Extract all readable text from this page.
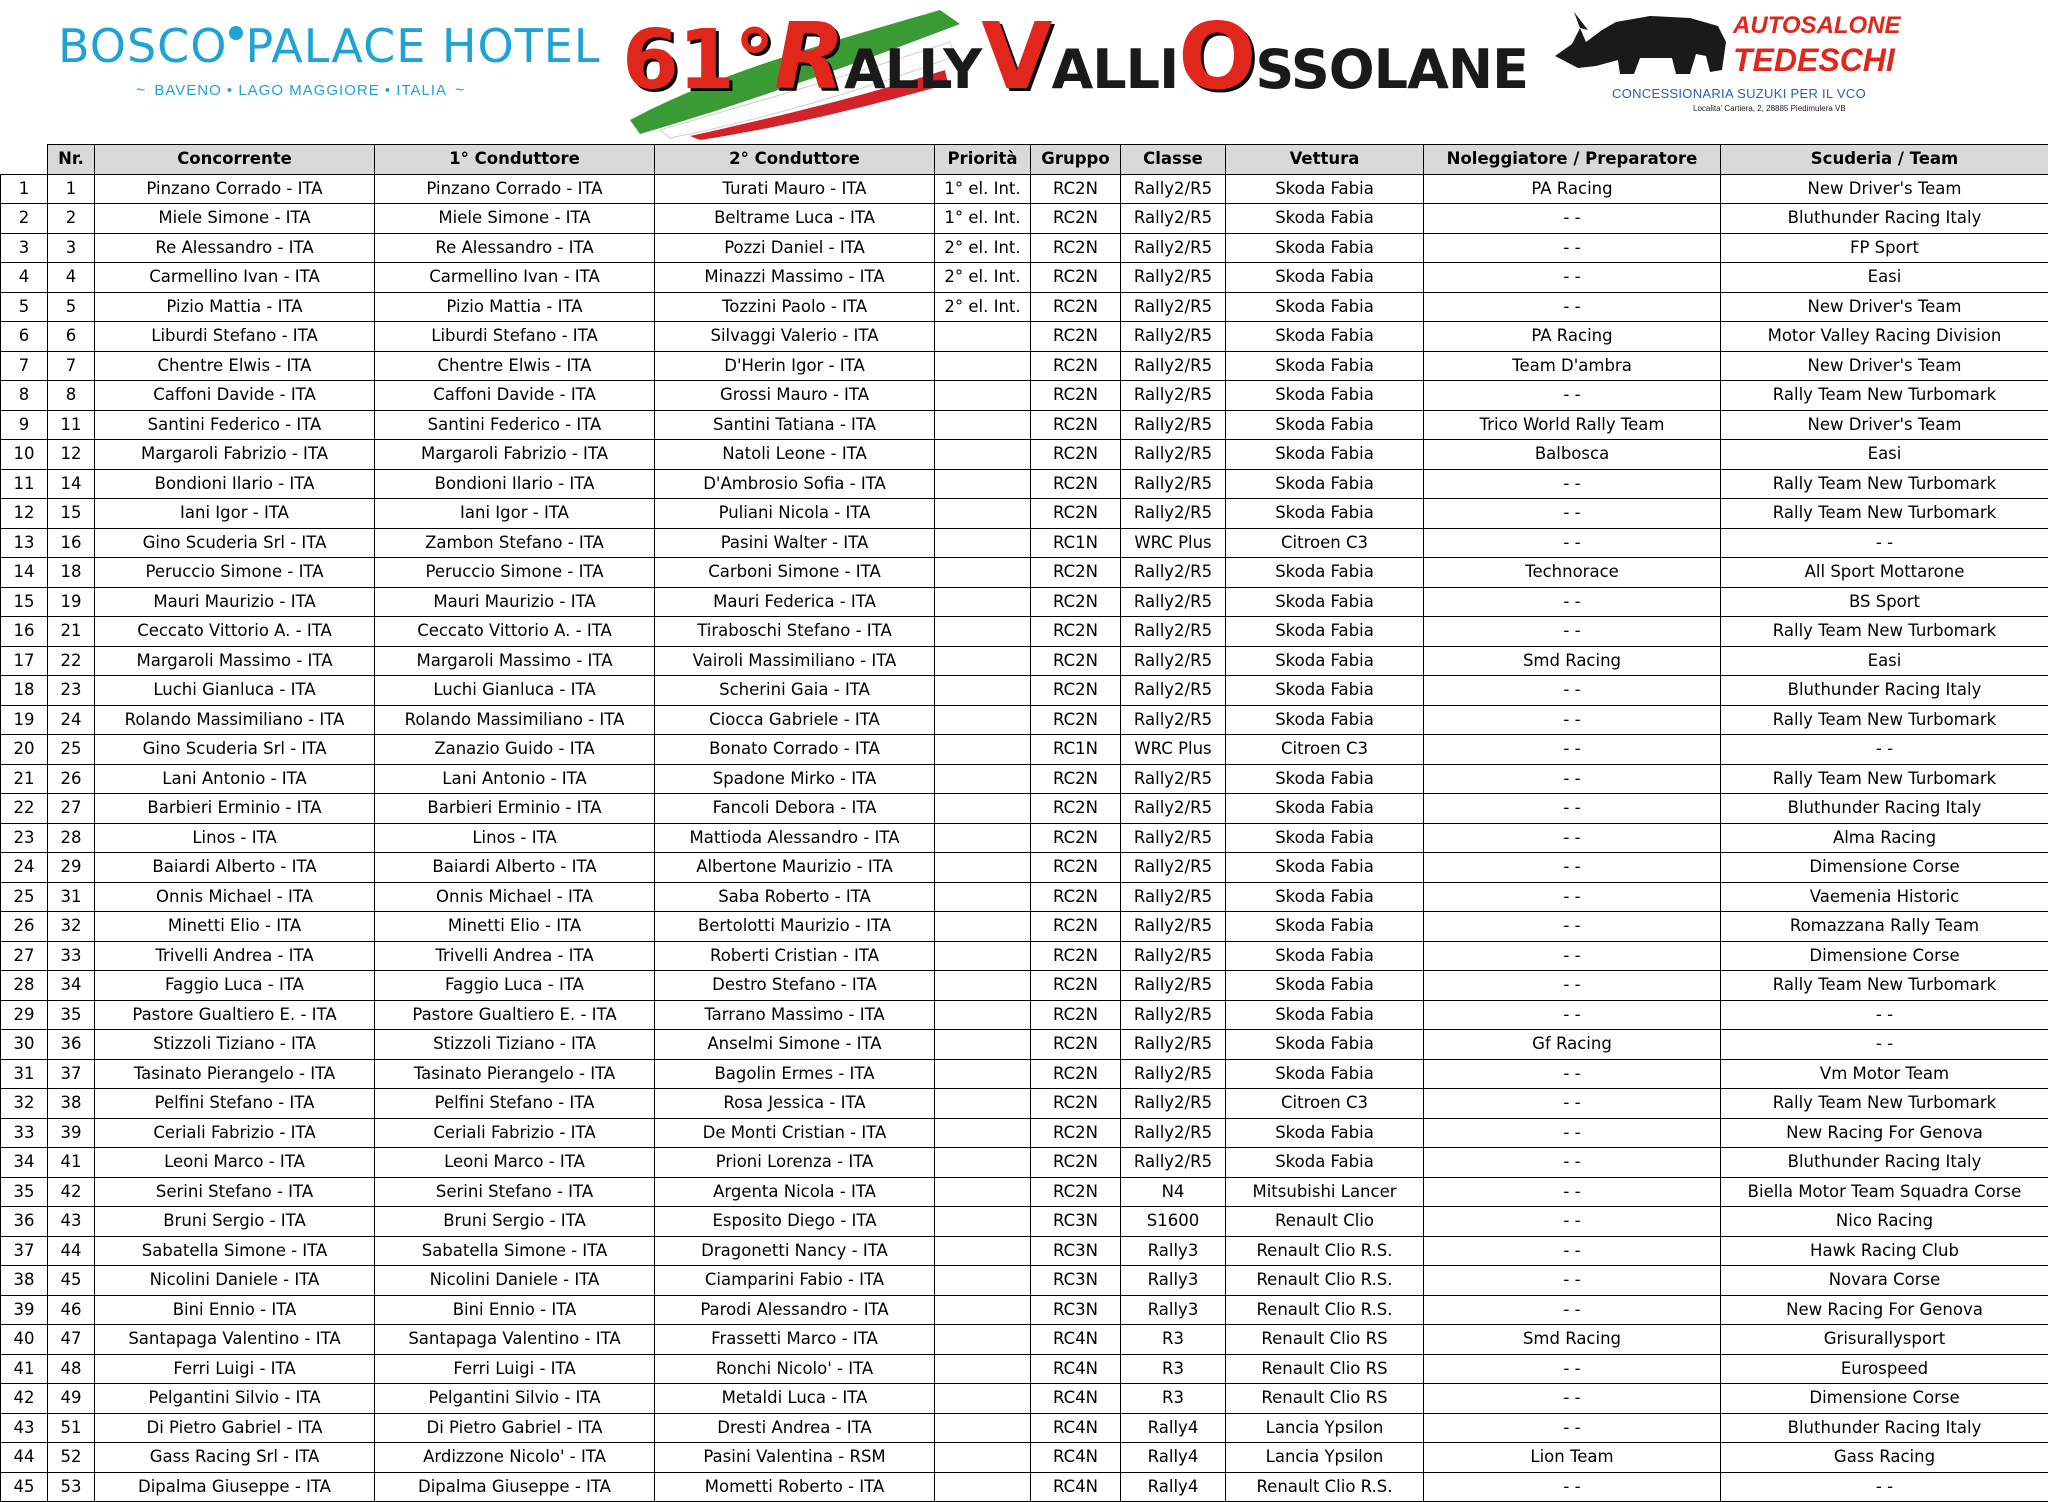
BOSCO PALACE HOTEL
~ BAVENO • LAGO MAGGIORE • ITALIA ~	61°RALLYVALLIOSSOLANE
AUTOSALONE
TEDESCHI
CONCESSIONARIA SUZUKI PER IL VCO
Localita' Cartiera, 2, 28885 Piedimulera VB
	Nr.	Concorrente	1° Conduttore	2° Conduttore	Priorità	Gruppo	Classe	Vettura	Noleggiatore / Preparatore	Scuderia / Team
1	1	Pinzano Corrado - ITA	Pinzano Corrado - ITA	Turati Mauro - ITA	1° el. Int.	RC2N	Rally2/R5	Skoda Fabia	PA Racing	New Driver's Team
2	2	Miele Simone - ITA	Miele Simone - ITA	Beltrame Luca - ITA	1° el. Int.	RC2N	Rally2/R5	Skoda Fabia	- -	Bluthunder Racing Italy
3	3	Re Alessandro - ITA	Re Alessandro - ITA	Pozzi Daniel - ITA	2° el. Int.	RC2N	Rally2/R5	Skoda Fabia	- -	FP Sport
4	4	Carmellino Ivan - ITA	Carmellino Ivan - ITA	Minazzi Massimo - ITA	2° el. Int.	RC2N	Rally2/R5	Skoda Fabia	- -	Easi
5	5	Pizio Mattia - ITA	Pizio Mattia - ITA	Tozzini Paolo - ITA	2° el. Int.	RC2N	Rally2/R5	Skoda Fabia	- -	New Driver's Team
6	6	Liburdi Stefano - ITA	Liburdi Stefano - ITA	Silvaggi Valerio - ITA		RC2N	Rally2/R5	Skoda Fabia	PA Racing	Motor Valley Racing Division
7	7	Chentre Elwis - ITA	Chentre Elwis - ITA	D'Herin Igor - ITA		RC2N	Rally2/R5	Skoda Fabia	Team D'ambra	New Driver's Team
8	8	Caffoni Davide - ITA	Caffoni Davide - ITA	Grossi Mauro - ITA		RC2N	Rally2/R5	Skoda Fabia	- -	Rally Team New Turbomark
9	11	Santini Federico - ITA	Santini Federico - ITA	Santini Tatiana - ITA		RC2N	Rally2/R5	Skoda Fabia	Trico World Rally Team	New Driver's Team
10	12	Margaroli Fabrizio - ITA	Margaroli Fabrizio - ITA	Natoli Leone - ITA		RC2N	Rally2/R5	Skoda Fabia	Balbosca	Easi
11	14	Bondioni Ilario - ITA	Bondioni Ilario - ITA	D'Ambrosio Sofia - ITA		RC2N	Rally2/R5	Skoda Fabia	- -	Rally Team New Turbomark
12	15	Iani Igor - ITA	Iani Igor - ITA	Puliani Nicola - ITA		RC2N	Rally2/R5	Skoda Fabia	- -	Rally Team New Turbomark
13	16	Gino Scuderia Srl - ITA	Zambon Stefano - ITA	Pasini Walter - ITA		RC1N	WRC Plus	Citroen C3	- -	- -
14	18	Peruccio Simone - ITA	Peruccio Simone - ITA	Carboni Simone - ITA		RC2N	Rally2/R5	Skoda Fabia	Technorace	All Sport Mottarone
15	19	Mauri Maurizio - ITA	Mauri Maurizio - ITA	Mauri Federica - ITA		RC2N	Rally2/R5	Skoda Fabia	- -	BS Sport
16	21	Ceccato Vittorio A. - ITA	Ceccato Vittorio A. - ITA	Tiraboschi Stefano - ITA		RC2N	Rally2/R5	Skoda Fabia	- -	Rally Team New Turbomark
17	22	Margaroli Massimo - ITA	Margaroli Massimo - ITA	Vairoli Massimiliano - ITA		RC2N	Rally2/R5	Skoda Fabia	Smd Racing	Easi
18	23	Luchi Gianluca - ITA	Luchi Gianluca - ITA	Scherini Gaia - ITA		RC2N	Rally2/R5	Skoda Fabia	- -	Bluthunder Racing Italy
19	24	Rolando Massimiliano - ITA	Rolando Massimiliano - ITA	Ciocca Gabriele - ITA		RC2N	Rally2/R5	Skoda Fabia	- -	Rally Team New Turbomark
20	25	Gino Scuderia Srl - ITA	Zanazio Guido - ITA	Bonato Corrado - ITA		RC1N	WRC Plus	Citroen C3	- -	- -
21	26	Lani Antonio - ITA	Lani Antonio - ITA	Spadone Mirko - ITA		RC2N	Rally2/R5	Skoda Fabia	- -	Rally Team New Turbomark
22	27	Barbieri Erminio - ITA	Barbieri Erminio - ITA	Fancoli Debora - ITA		RC2N	Rally2/R5	Skoda Fabia	- -	Bluthunder Racing Italy
23	28	Linos - ITA	Linos - ITA	Mattioda Alessandro - ITA		RC2N	Rally2/R5	Skoda Fabia	- -	Alma Racing
24	29	Baiardi Alberto - ITA	Baiardi Alberto - ITA	Albertone Maurizio - ITA		RC2N	Rally2/R5	Skoda Fabia	- -	Dimensione Corse
25	31	Onnis Michael - ITA	Onnis Michael - ITA	Saba Roberto - ITA		RC2N	Rally2/R5	Skoda Fabia	- -	Vaemenia Historic
26	32	Minetti Elio - ITA	Minetti Elio - ITA	Bertolotti Maurizio - ITA		RC2N	Rally2/R5	Skoda Fabia	- -	Romazzana Rally Team
27	33	Trivelli Andrea - ITA	Trivelli Andrea - ITA	Roberti Cristian - ITA		RC2N	Rally2/R5	Skoda Fabia	- -	Dimensione Corse
28	34	Faggio Luca - ITA	Faggio Luca - ITA	Destro Stefano - ITA		RC2N	Rally2/R5	Skoda Fabia	- -	Rally Team New Turbomark
29	35	Pastore Gualtiero E. - ITA	Pastore Gualtiero E. - ITA	Tarrano Massimo - ITA		RC2N	Rally2/R5	Skoda Fabia	- -	- -
30	36	Stizzoli Tiziano - ITA	Stizzoli Tiziano - ITA	Anselmi Simone - ITA		RC2N	Rally2/R5	Skoda Fabia	Gf Racing	- -
31	37	Tasinato Pierangelo - ITA	Tasinato Pierangelo - ITA	Bagolin Ermes - ITA		RC2N	Rally2/R5	Skoda Fabia	- -	Vm Motor Team
32	38	Pelfini Stefano - ITA	Pelfini Stefano - ITA	Rosa Jessica - ITA		RC2N	Rally2/R5	Citroen C3	- -	Rally Team New Turbomark
33	39	Ceriali Fabrizio - ITA	Ceriali Fabrizio - ITA	De Monti Cristian - ITA		RC2N	Rally2/R5	Skoda Fabia	- -	New Racing For Genova
34	41	Leoni Marco - ITA	Leoni Marco - ITA	Prioni Lorenza - ITA		RC2N	Rally2/R5	Skoda Fabia	- -	Bluthunder Racing Italy
35	42	Serini Stefano - ITA	Serini Stefano - ITA	Argenta Nicola - ITA		RC2N	N4	Mitsubishi Lancer	- -	Biella Motor Team Squadra Corse
36	43	Bruni Sergio - ITA	Bruni Sergio - ITA	Esposito Diego - ITA		RC3N	S1600	Renault Clio	- -	Nico Racing
37	44	Sabatella Simone - ITA	Sabatella Simone - ITA	Dragonetti Nancy - ITA		RC3N	Rally3	Renault Clio R.S.	- -	Hawk Racing Club
38	45	Nicolini Daniele - ITA	Nicolini Daniele - ITA	Ciamparini Fabio - ITA		RC3N	Rally3	Renault Clio R.S.	- -	Novara Corse
39	46	Bini Ennio - ITA	Bini Ennio - ITA	Parodi Alessandro - ITA		RC3N	Rally3	Renault Clio R.S.	- -	New Racing For Genova
40	47	Santapaga Valentino - ITA	Santapaga Valentino - ITA	Frassetti Marco - ITA		RC4N	R3	Renault Clio RS	Smd Racing	Grisurallysport
41	48	Ferri Luigi - ITA	Ferri Luigi - ITA	Ronchi Nicolo' - ITA		RC4N	R3	Renault Clio RS	- -	Eurospeed
42	49	Pelgantini Silvio - ITA	Pelgantini Silvio - ITA	Metaldi Luca - ITA		RC4N	R3	Renault Clio RS	- -	Dimensione Corse
43	51	Di Pietro Gabriel - ITA	Di Pietro Gabriel - ITA	Dresti Andrea - ITA		RC4N	Rally4	Lancia Ypsilon	- -	Bluthunder Racing Italy
44	52	Gass Racing Srl - ITA	Ardizzone Nicolo' - ITA	Pasini Valentina - RSM		RC4N	Rally4	Lancia Ypsilon	Lion Team	Gass Racing
45	53	Dipalma Giuseppe - ITA	Dipalma Giuseppe - ITA	Mometti Roberto - ITA		RC4N	Rally4	Renault Clio R.S.	- -	- -
